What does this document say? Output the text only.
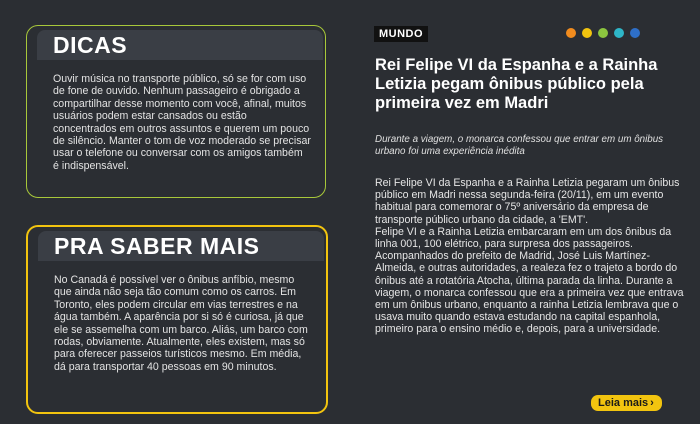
DICAS
Ouvir música no transporte público, só se for com uso de fone de ouvido. Nenhum passageiro é obrigado a compartilhar desse momento com você, afinal, muitos usuários podem estar cansados ou estão concentrados em outros assuntos e querem um pouco de silêncio. Manter o tom de voz moderado se precisar usar o telefone ou conversar com os amigos também é indispensável.
PRA SABER MAIS
No Canadá é possível ver o ônibus anfíbio, mesmo que ainda não seja tão comum como os carros. Em Toronto, eles podem circular em vias terrestres e na água também. A aparência por si só é curiosa, já que ele se assemelha com um barco. Aliás, um barco com rodas, obviamente. Atualmente, eles existem, mas só para oferecer passeios turísticos mesmo. Em média, dá para transportar 40 pessoas em 90 minutos.
MUNDO
Rei Felipe VI da Espanha e a Rainha Letizia pegam ônibus público pela primeira vez em Madri
Durante a viagem, o monarca confessou que entrar em um ônibus urbano foi uma experiência inédita

Rei Felipe VI da Espanha e a Rainha Letizia pegaram um ônibus público em Madri nessa segunda-feira (20/11), em um evento habitual para comemorar o 75º aniversário da empresa de transporte público urbano da cidade, a 'EMT'.

Felipe VI e a Rainha Letizia embarcaram em um dos ônibus da linha 001, 100 elétrico, para surpresa dos passageiros. Acompanhados do prefeito de Madrid, José Luis Martínez-Almeida, e outras autoridades, a realeza fez o trajeto a bordo do ônibus até a rotatória Atocha, última parada da linha. Durante a viagem, o monarca confessou que era a primeira vez que entrava em um ônibus urbano, enquanto a rainha Letizia lembrava que o usava muito quando estava estudando na capital espanhola, primeiro para o ensino médio e, depois, para a universidade.

Leia mais ›
